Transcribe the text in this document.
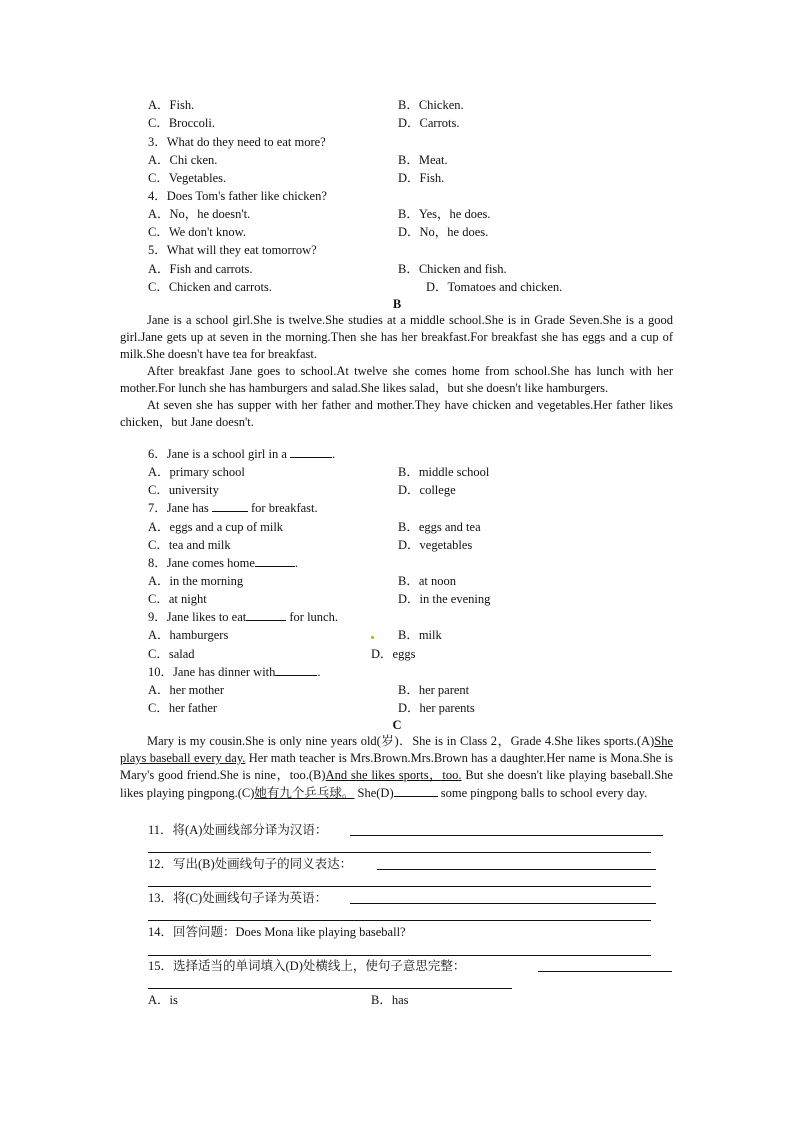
A．Fish.	B．Chicken.
C．Broccoli.	D．Carrots.
3．What do they need to eat more?
A．Chi cken.	B．Meat.
C．Vegetables.	D．Fish.
4．Does Tom's father like chicken?
A．No，he doesn't.	B．Yes，he does.
C．We don't know.	D．No，he does.
5．What will they eat tomorrow?
A．Fish and carrots.	B．Chicken and fish.
C．Chicken and carrots.	D．Tomatoes and chicken.
B

Jane is a school girl.She is twelve.She studies at a middle school.She is in Grade Seven.She is a good girl.Jane gets up at seven in the morning.Then she has her breakfast.For breakfast she has eggs and a cup of milk.She doesn't have tea for breakfast.

After breakfast Jane goes to school.At twelve she comes home from school.She has lunch with her mother.For lunch she has hamburgers and salad.She likes salad，but she doesn't like hamburgers.

At seven she has supper with her father and mother.They have chicken and vegetables.Her father likes chicken，but Jane doesn't.

6．Jane is a school girl in a	.
A．primary school	B．middle school
C．university	D．college
7．Jane has	for breakfast.
A．eggs and a cup of milk	B．eggs and tea
C．tea and milk	D．vegetables
8．Jane comes home	.
A．in the morning	B．at noon
C．at night	D．in the evening
9．Jane likes to eat	for lunch.
A．hamburgers	B．milk
C．salad	D．eggs
10．Jane has dinner with	.
A．her mother	B．her parent
C．her father	D．her parents
C

Mary is my cousin.She is only nine years old(岁)．She is in Class 2，Grade 4.She likes sports.(A)She plays baseball every day. Her math teacher is Mrs.Brown.Mrs.Brown has a daughter.Her name is Mona.She is Mary's good friend.She is nine，too.(B)And she likes sports，too. But she doesn't like playing baseball.She likes playing pingpong.(C)她有九个乒乓球。 She(D)	some pingpong balls to school every day.

11．将(A)处画线部分译为汉语：
12．写出(B)处画线句子的同义表达：
13．将(C)处画线句子译为英语：
14．回答问题：Does Mona like playing baseball?
15．选择适当的单词填入(D)处横线上，使句子意思完整：
A．is	B．has
